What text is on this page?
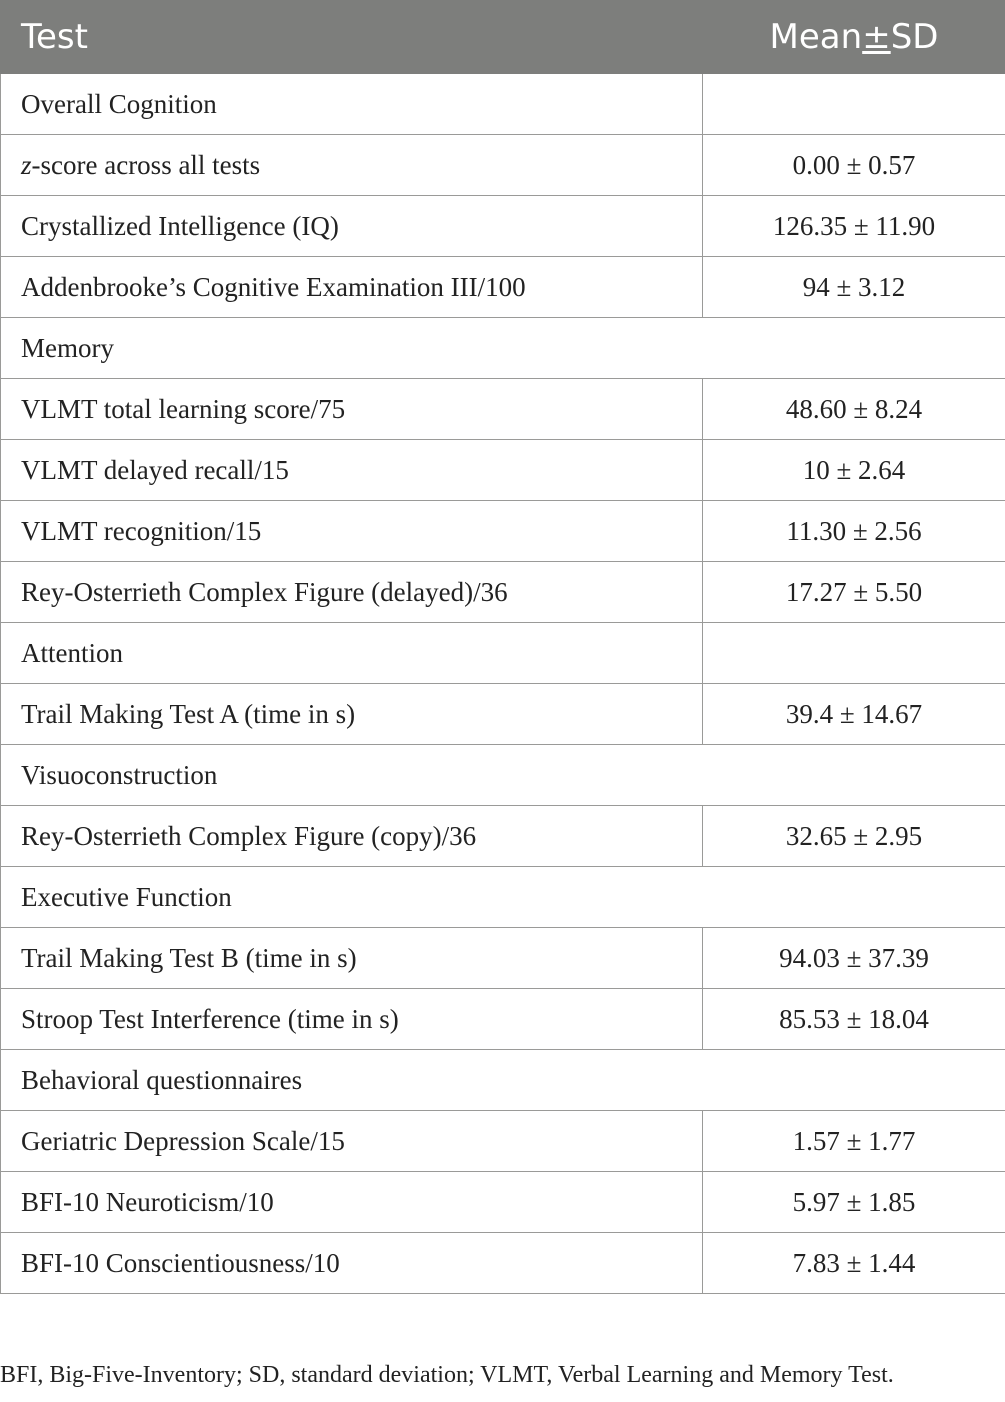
Test	Mean±SD
Overall Cognition	
z-score across all tests	0.00 ± 0.57
Crystallized Intelligence (IQ)	126.35 ± 11.90
Addenbrooke’s Cognitive Examination III/100	94 ± 3.12
Memory	
VLMT total learning score/75	48.60 ± 8.24
VLMT delayed recall/15	10 ± 2.64
VLMT recognition/15	11.30 ± 2.56
Rey-Osterrieth Complex Figure (delayed)/36	17.27 ± 5.50
Attention	
Trail Making Test A (time in s)	39.4 ± 14.67
Visuoconstruction	
Rey-Osterrieth Complex Figure (copy)/36	32.65 ± 2.95
Executive Function	
Trail Making Test B (time in s)	94.03 ± 37.39
Stroop Test Interference (time in s)	85.53 ± 18.04
Behavioral questionnaires	
Geriatric Depression Scale/15	1.57 ± 1.77
BFI-10 Neuroticism/10	5.97 ± 1.85
BFI-10 Conscientiousness/10	7.83 ± 1.44
BFI, Big-Five-Inventory; SD, standard deviation; VLMT, Verbal Learning and Memory Test.
